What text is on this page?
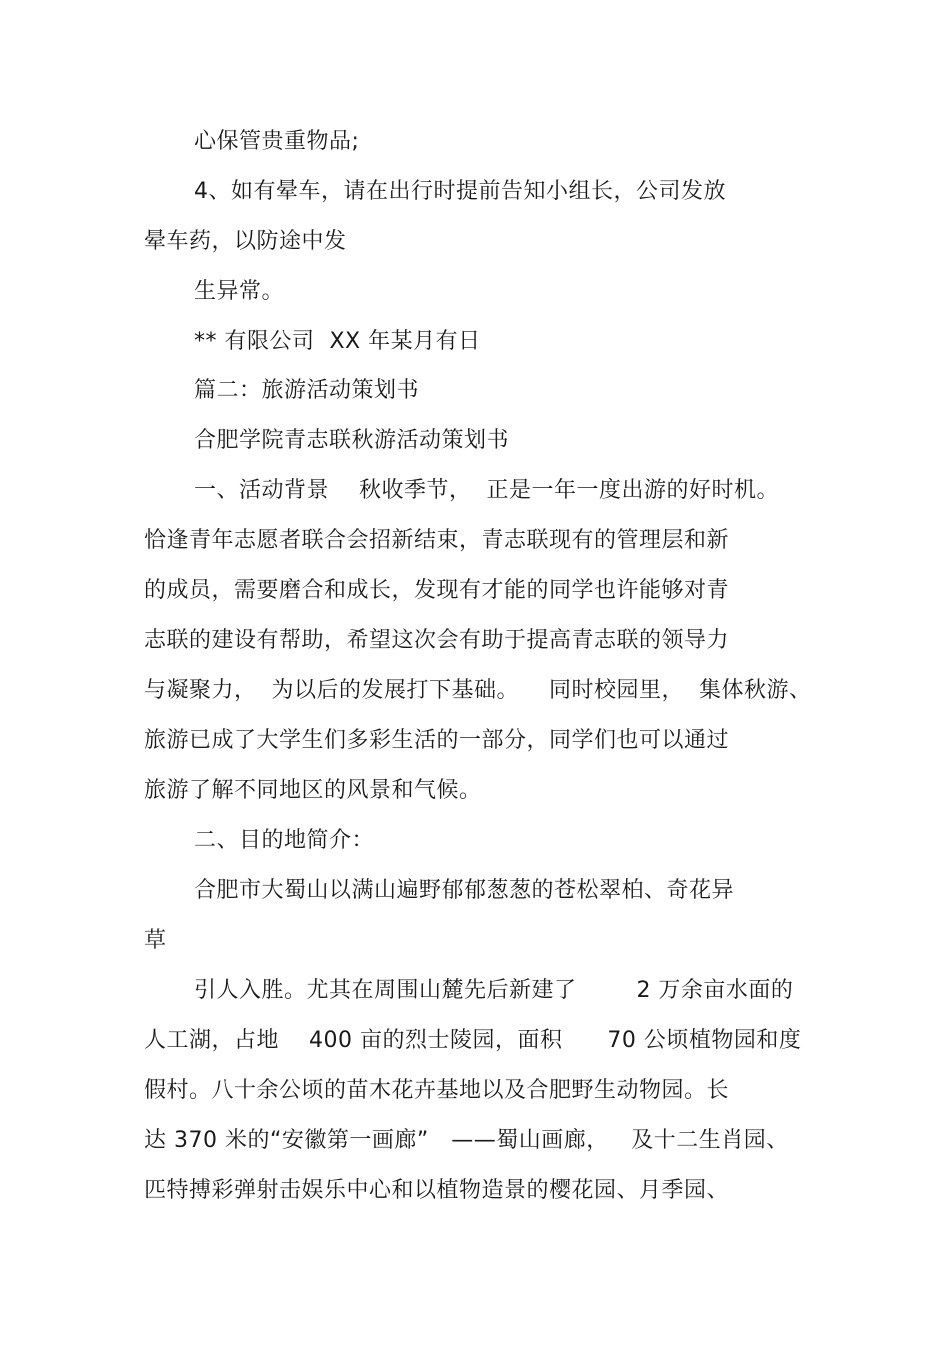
心保管贵重物品;
4、如有晕车，请在出行时提前告知小组长，公司发放
晕车药，以防途中发
生异常。
** 有限公司  XX 年某月有日
篇二：旅游活动策划书
合肥学院青志联秋游活动策划书
一、活动背景    秋收季节，  正是一年一度出游的好时机。
恰逢青年志愿者联合会招新结束，青志联现有的管理层和新
的成员，需要磨合和成长，发现有才能的同学也许能够对青
志联的建设有帮助，希望这次会有助于提高青志联的领导力
与凝聚力，  为以后的发展打下基础。    同时校园里，  集体秋游、
旅游已成了大学生们多彩生活的一部分，同学们也可以通过
旅游了解不同地区的风景和气候。
二、目的地简介：
合肥市大蜀山以满山遍野郁郁葱葱的苍松翠柏、奇花异
草
引人入胜。尤其在周围山麓先后新建了        2 万余亩水面的
人工湖，占地    400 亩的烈士陵园，面积      70 公顷植物园和度
假村。八十余公顷的苗木花卉基地以及合肥野生动物园。长
达 370 米的“安徽第一画廊”   ——蜀山画廊，   及十二生肖园、
匹特搏彩弹射击娱乐中心和以植物造景的樱花园、月季园、
